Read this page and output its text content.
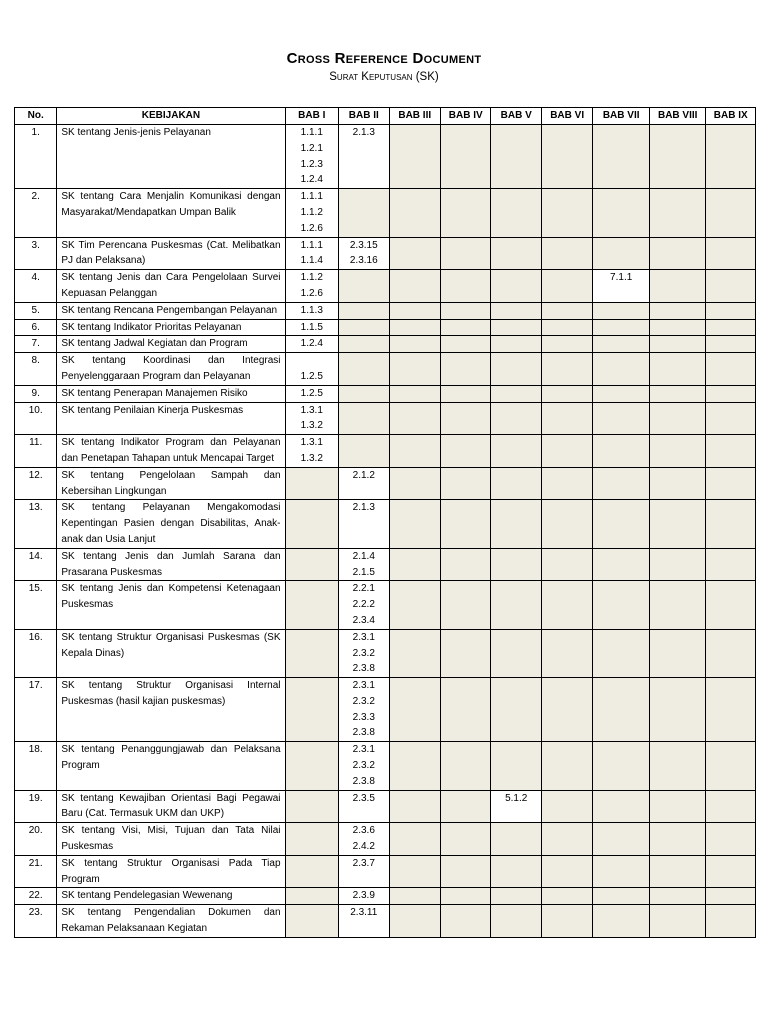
Cross Reference Document
Surat Keputusan (SK)
No.	KEBIJAKAN	BAB I	BAB II	BAB III	BAB IV	BAB V	BAB VI	BAB VII	BAB VIII	BAB IX
1.	SK tentang Jenis-jenis Pelayanan	1.1.1
1.2.1
1.2.3
1.2.4	2.1.3							
2.	SK tentang Cara Menjalin Komunikasi dengan Masyarakat/Mendapatkan Umpan Balik	1.1.1
1.1.2
1.2.6								
3.	SK Tim Perencana Puskesmas (Cat. Melibatkan PJ dan Pelaksana)	1.1.1
1.1.4	2.3.15
2.3.16							
4.	SK tentang Jenis dan Cara Pengelolaan Survei Kepuasan Pelanggan	1.1.2
1.2.6						7.1.1		
5.	SK tentang Rencana Pengembangan Pelayanan	1.1.3								
6.	SK tentang Indikator Prioritas Pelayanan	1.1.5								
7.	SK tentang Jadwal Kegiatan dan Program	1.2.4								
8.	SK tentang Koordinasi dan Integrasi Penyelenggaraan Program dan Pelayanan	
1.2.5								
9.	SK tentang Penerapan Manajemen Risiko	1.2.5								
10.	SK tentang Penilaian Kinerja Puskesmas	1.3.1
1.3.2								
11.	SK tentang Indikator Program dan Pelayanan dan Penetapan Tahapan untuk Mencapai Target	1.3.1
1.3.2								
12.	SK tentang Pengelolaan Sampah dan Kebersihan Lingkungan		2.1.2							
13.	SK tentang Pelayanan Mengakomodasi Kepentingan Pasien dengan Disabilitas, Anak-anak dan Usia Lanjut		2.1.3							
14.	SK tentang Jenis dan Jumlah Sarana dan Prasarana Puskesmas		2.1.4
2.1.5							
15.	SK tentang Jenis dan Kompetensi Ketenagaan Puskesmas		2.2.1
2.2.2
2.3.4							
16.	SK tentang Struktur Organisasi Puskesmas (SK Kepala Dinas)		2.3.1
2.3.2
2.3.8							
17.	SK tentang Struktur Organisasi Internal Puskesmas (hasil kajian puskesmas)		2.3.1
2.3.2
2.3.3
2.3.8							
18.	SK tentang Penanggungjawab dan Pelaksana Program		2.3.1
2.3.2
2.3.8							
19.	SK tentang Kewajiban Orientasi Bagi Pegawai Baru (Cat. Termasuk UKM dan UKP)		2.3.5			5.1.2				
20.	SK tentang Visi, Misi, Tujuan dan Tata Nilai Puskesmas		2.3.6
2.4.2							
21.	SK tentang Struktur Organisasi Pada Tiap Program		2.3.7							
22.	SK tentang Pendelegasian Wewenang		2.3.9							
23.	SK tentang Pengendalian Dokumen dan Rekaman Pelaksanaan Kegiatan		2.3.11							
